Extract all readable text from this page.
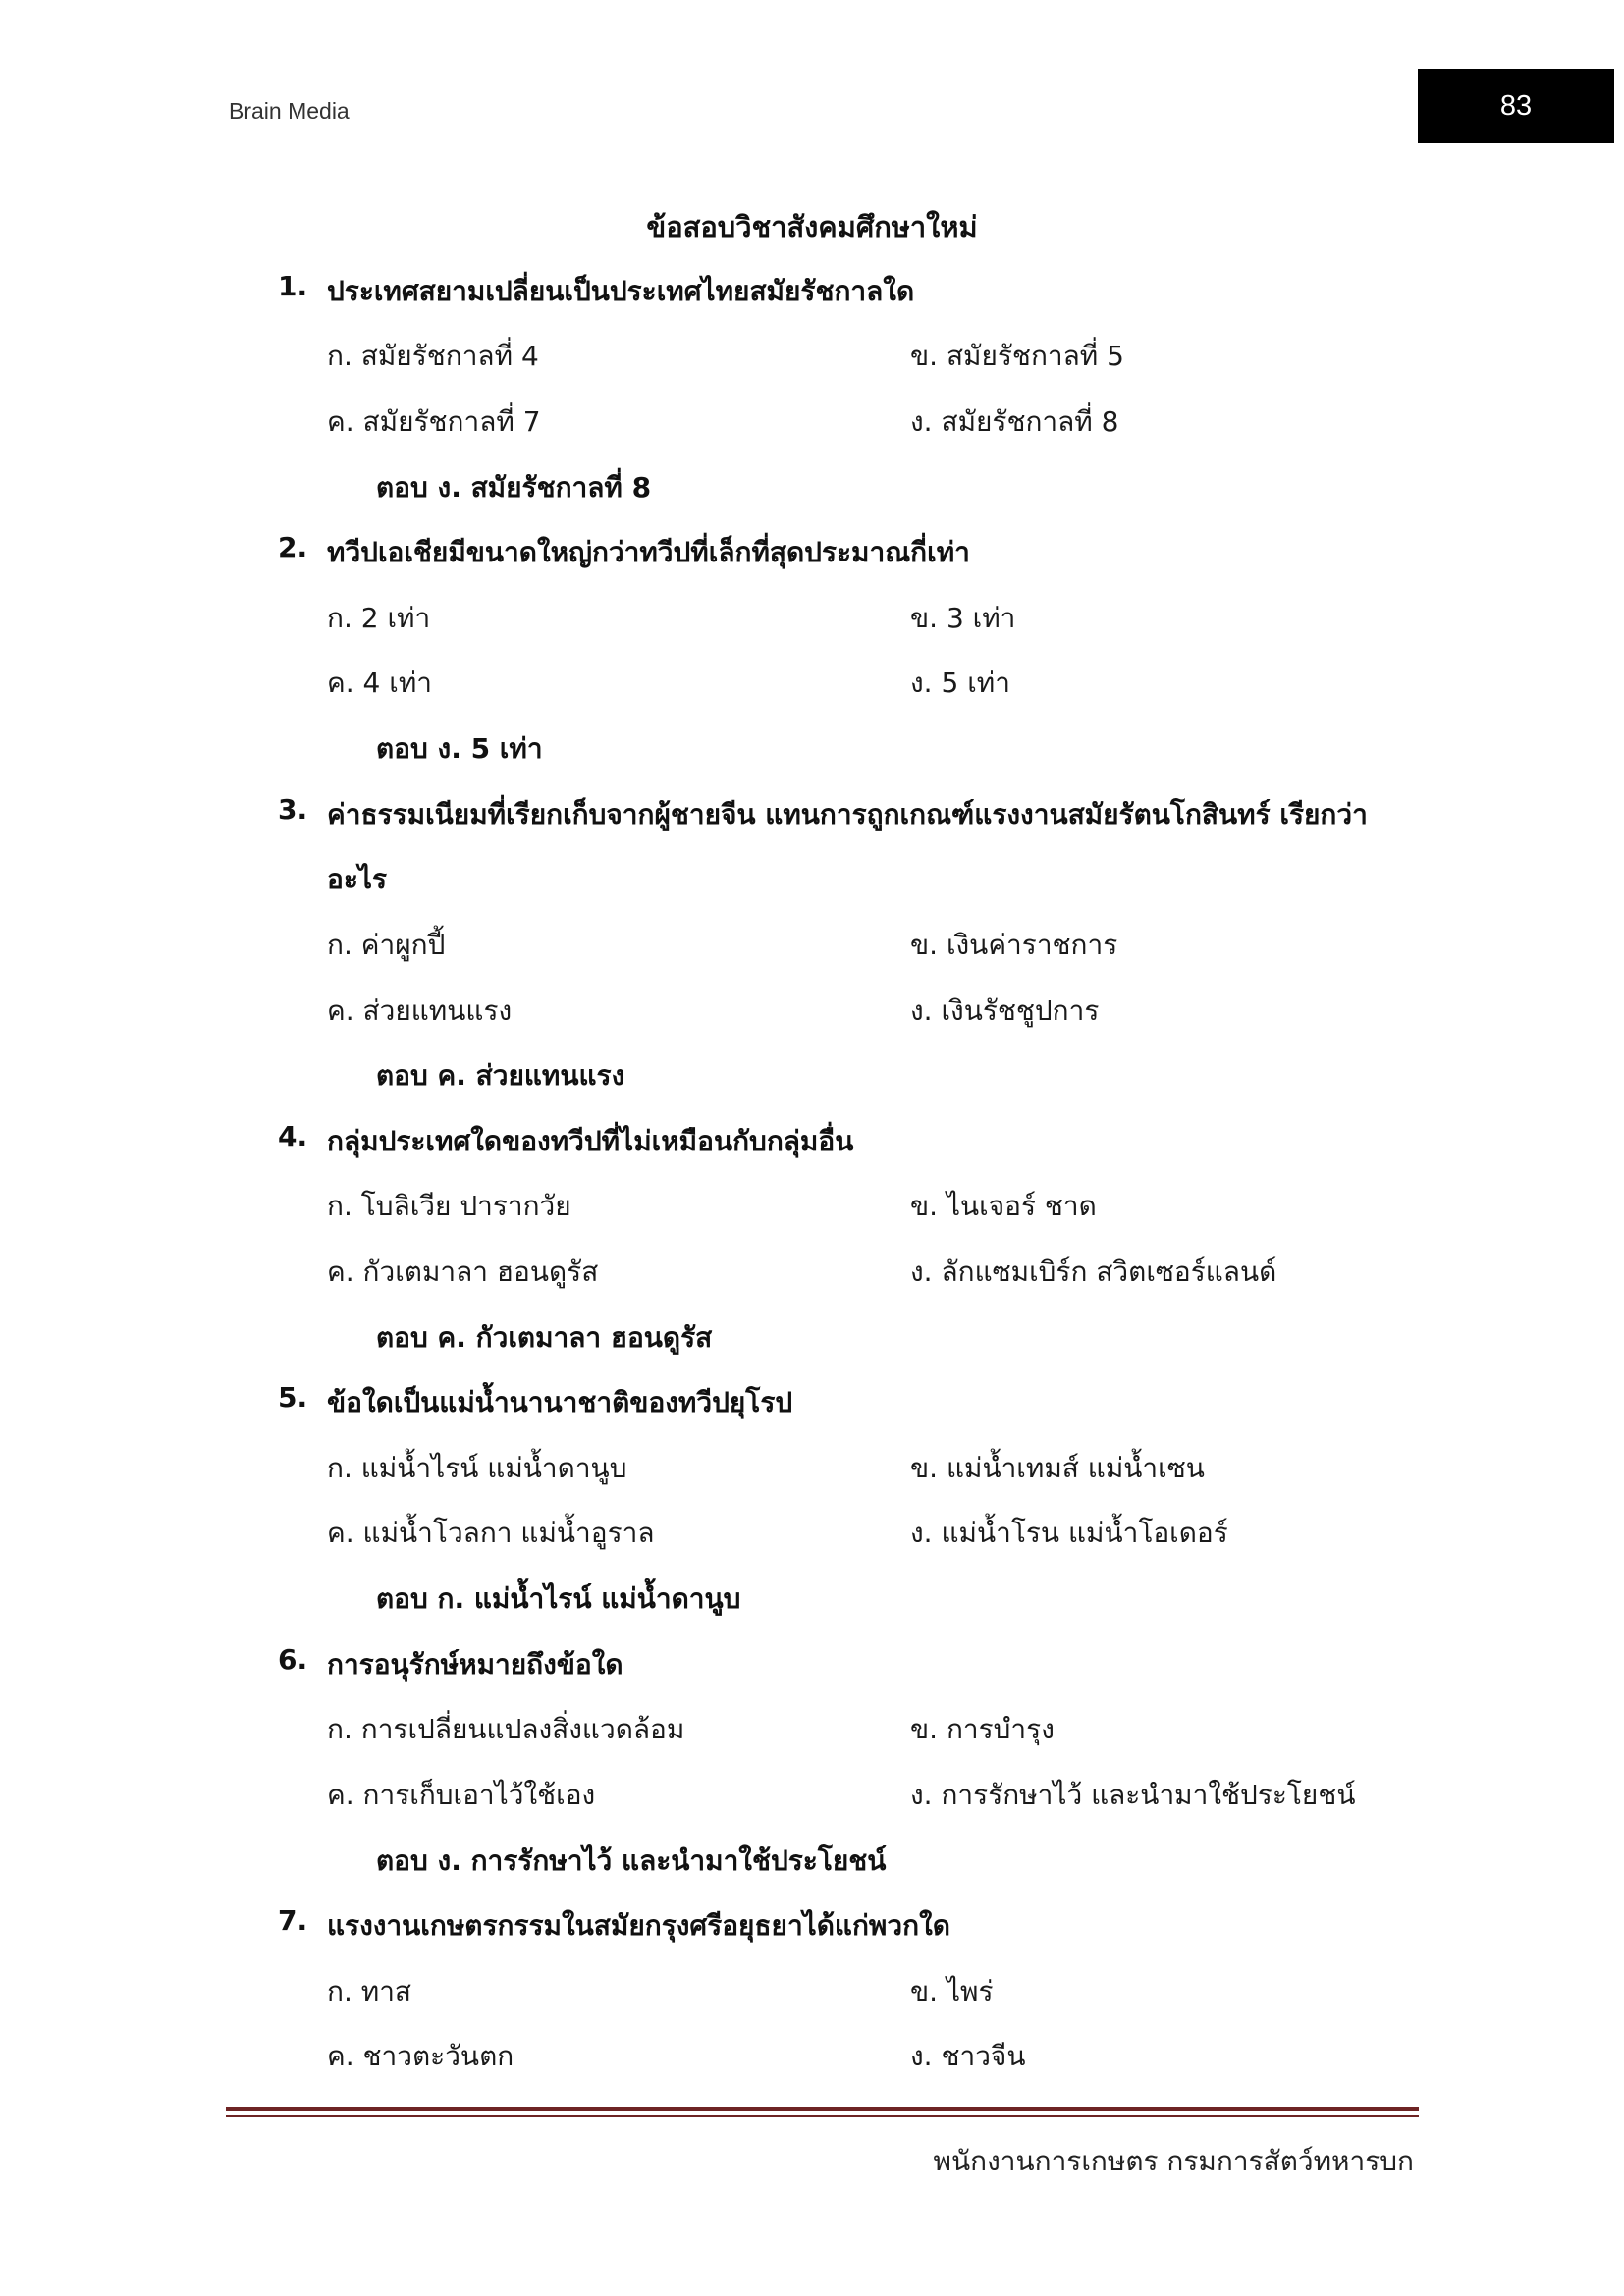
Brain Media	83
ข้อสอบวิชาสังคมศึกษาใหม่
1. ประเทศสยามเปลี่ยนเป็นประเทศไทยสมัยรัชกาลใด
ก. สมัยรัชกาลที่ 4	ข. สมัยรัชกาลที่ 5
ค. สมัยรัชกาลที่ 7	ง. สมัยรัชกาลที่ 8
ตอบ ง. สมัยรัชกาลที่ 8
2. ทวีปเอเชียมีขนาดใหญ่กว่าทวีปที่เล็กที่สุดประมาณกี่เท่า
ก. 2 เท่า	ข. 3 เท่า
ค. 4 เท่า	ง. 5 เท่า
ตอบ ง. 5 เท่า
3. ค่าธรรมเนียมที่เรียกเก็บจากผู้ชายจีน แทนการถูกเกณฑ์แรงงานสมัยรัตนโกสินทร์ เรียกว่า
อะไร
ก. ค่าผูกปี้	ข. เงินค่าราชการ
ค. ส่วยแทนแรง	ง. เงินรัชชูปการ
ตอบ ค. ส่วยแทนแรง
4. กลุ่มประเทศใดของทวีปที่ไม่เหมือนกับกลุ่มอื่น
ก. โบลิเวีย ปารากวัย	ข. ไนเจอร์ ชาด
ค. กัวเตมาลา ฮอนดูรัส	ง. ลักแซมเบิร์ก สวิตเซอร์แลนด์
ตอบ ค. กัวเตมาลา ฮอนดูรัส
5. ข้อใดเป็นแม่น้ำนานาชาติของทวีปยุโรป
ก. แม่น้ำไรน์ แม่น้ำดานูบ	ข. แม่น้ำเทมส์ แม่น้ำเซน
ค. แม่น้ำโวลกา แม่น้ำอูราล	ง. แม่น้ำโรน แม่น้ำโอเดอร์
ตอบ ก. แม่น้ำไรน์ แม่น้ำดานูบ
6. การอนุรักษ์หมายถึงข้อใด
ก. การเปลี่ยนแปลงสิ่งแวดล้อม	ข. การบำรุง
ค. การเก็บเอาไว้ใช้เอง	ง. การรักษาไว้ และนำมาใช้ประโยชน์
ตอบ ง. การรักษาไว้ และนำมาใช้ประโยชน์
7. แรงงานเกษตรกรรมในสมัยกรุงศรีอยุธยาได้แก่พวกใด
ก. ทาส	ข. ไพร่
ค. ชาวตะวันตก	ง. ชาวจีน
พนักงานการเกษตร กรมการสัตว์ทหารบก
